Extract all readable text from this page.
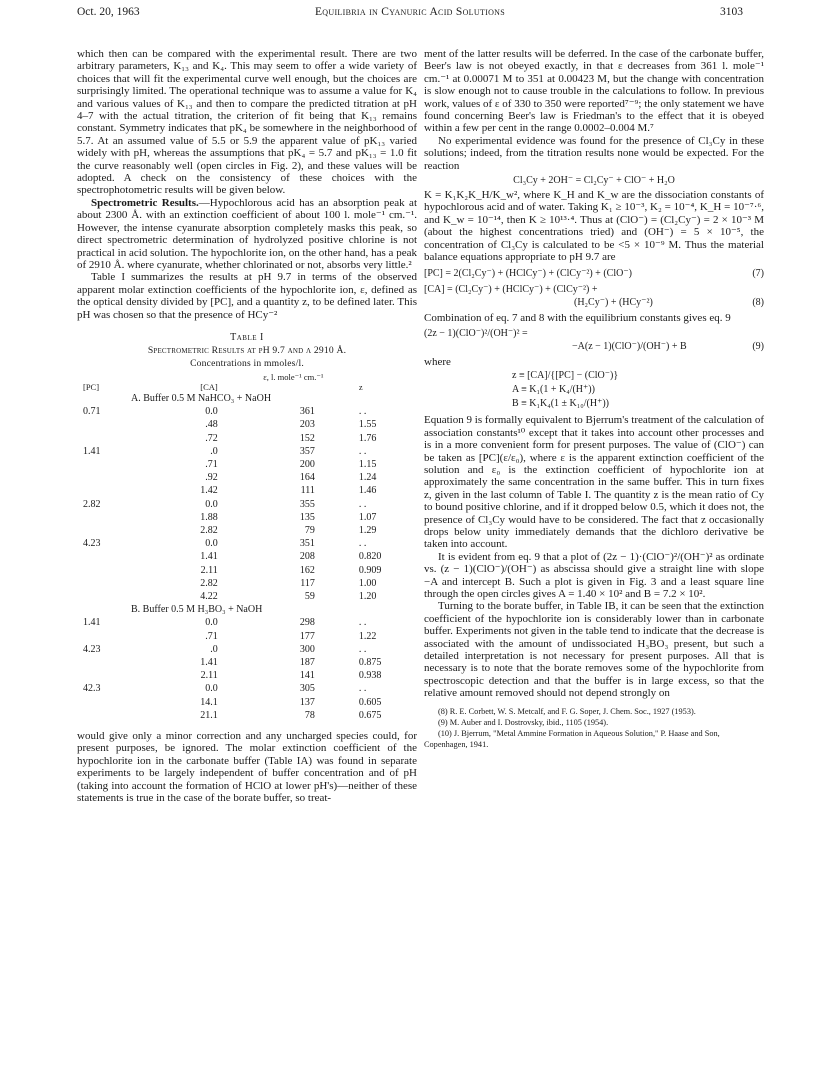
Oct. 20, 1963	Equilibria in Cyanuric Acid Solutions	3103

which then can be compared with the experimental result. There are two arbitrary parameters, K₁₃ and K₄. This may seem to offer a wide variety of choices that will fit the experimental curve well enough, but the choices are surprisingly limited. The operational technique was to assume a value for K₄ and various values of K₁₃ and then to compare the predicted titration at pH 4–7 with the actual titration, the criterion of fit being that K₁₃ remains constant. Symmetry indicates that pK₄ be somewhere in the neighborhood of 5.7. At an assumed value of 5.5 or 5.9 the apparent value of pK₁₃ varied widely with pH, whereas the assumptions that pK₄ = 5.7 and pK₁₃ = 1.0 fit the curve reasonably well (open circles in Fig. 2), and these values will be adopted. A check on the consistency of these choices with the spectrophotometric results will be given below.

Spectrometric Results.—Hypochlorous acid has an absorption peak at about 2300 Å. with an extinction coefficient of about 100 l. mole⁻¹ cm.⁻¹. However, the intense cyanurate absorption completely masks this peak, so direct spectrometric determination of hydrolyzed positive chlorine is not practical in acid solution. The hypochlorite ion, on the other hand, has a peak of 2910 Å. where cyanurate, whether chlorinated or not, absorbs very little.²

Table I summarizes the results at pH 9.7 in terms of the observed apparent molar extinction coefficients of the hypochlorite ion, ε, defined as the optical density divided by [PC], and a quantity z, to be defined later. This pH was chosen so that the presence of HCy⁻²

Table I
Spectrometric Results at pH 9.7 and λ 2910 Å.
Concentrations in mmoles/l.
		ε, l. mole⁻¹ cm.⁻¹	
[PC]	[CA]		z
A. Buffer 0.5 M NaHCO₃ + NaOH			
0.71	0.0	361	. .
	.48	203	1.55
	.72	152	1.76
1.41	.0	357	. .
	.71	200	1.15
	.92	164	1.24
	1.42	111	1.46
2.82	0.0	355	. .
	1.88	135	1.07
	2.82	79	1.29
4.23	0.0	351	. .
	1.41	208	0.820
	2.11	162	0.909
	2.82	117	1.00
	4.22	59	1.20
B. Buffer 0.5 M H₃BO₃ + NaOH			
1.41	0.0	298	. .
	.71	177	1.22
4.23	.0	300	. .
	1.41	187	0.875
	2.11	141	0.938
42.3	0.0	305	. .
	14.1	137	0.605
	21.1	78	0.675

would give only a minor correction and any uncharged species could, for present purposes, be ignored. The molar extinction coefficient of the hypochlorite ion in the carbonate buffer (Table IA) was found in separate experiments to be largely independent of buffer concentration and of pH (taking into account the formation of HClO at lower pH's)—neither of these statements is true in the case of the borate buffer, so treat-

ment of the latter results will be deferred. In the case of the carbonate buffer, Beer's law is not obeyed exactly, in that ε decreases from 361 l. mole⁻¹ cm.⁻¹ at 0.00071 M to 351 at 0.00423 M, but the change with concentration is slow enough not to cause trouble in the calculations to follow. In previous work, values of ε of 330 to 350 were reported⁷⁻⁹; the only statement we have found concerning Beer's law is Friedman's to the effect that it is obeyed within a few per cent in the range 0.0002–0.004 M.⁷

No experimental evidence was found for the presence of Cl₃Cy in these solutions; indeed, from the titration results none would be expected. For the reaction

Cl₃Cy + 2OH⁻ = Cl₂Cy⁻ + ClO⁻ + H₂O

K = K₁K₂K_H/K_w², where K_H and K_w are the dissociation constants of hypochlorous acid and of water. Taking K₁ ≥ 10⁻³, K₂ = 10⁻⁴, K_H = 10⁻⁷·⁶, and K_w = 10⁻¹⁴, then K ≥ 10¹³·⁴. Thus at (ClO⁻) = (Cl₂Cy⁻) = 2 × 10⁻³ M (about the highest concentrations tried) and (OH⁻) = 5 × 10⁻⁵, the concentration of Cl₃Cy is calculated to be <5 × 10⁻⁹ M. Thus the material balance equations appropriate to pH 9.7 are

[PC] = 2(Cl₂Cy⁻) + (HClCy⁻) + (ClCy⁻²) + (ClO⁻)	(7)
[CA] = (Cl₂Cy⁻) + (HClCy⁻) + (ClCy⁻²) +
(H₂Cy⁻) + (HCy⁻²)	(8)

Combination of eq. 7 and 8 with the equilibrium constants gives eq. 9

(2z − 1)(ClO⁻)²/(OH⁻)² =
−A(z − 1)(ClO⁻)/(OH⁻) + B	(9)

where

z ≡ [CA]/{[PC] − (ClO⁻)}
A ≡ K₁(1 + K₄/(H⁺))
B ≡ K₁K₄(1 ± K₁₀/(H⁺))

Equation 9 is formally equivalent to Bjerrum's treatment of the calculation of association constants¹⁰ except that it takes into account other processes and is in a more convenient form for present purposes. The value of (ClO⁻) can be taken as [PC](ε/ε₀), where ε is the apparent extinction coefficient of the solution and ε₀ is the extinction coefficient of hypochlorite ion at approximately the same concentration in the same buffer. This in turn fixes z, given in the last column of Table I. The quantity z is the mean ratio of Cy to bound positive chlorine, and if it dropped below 0.5, which it does not, the presence of Cl₃Cy would have to be considered. The fact that z occasionally drops below unity immediately demands that the dichloro derivative be taken into account.

It is evident from eq. 9 that a plot of (2z − 1)·(ClO⁻)²/(OH⁻)² as ordinate vs. (z − 1)(ClO⁻)/(OH⁻) as abscissa should give a straight line with slope −A and intercept B. Such a plot is given in Fig. 3 and a least square line through the open circles gives A = 1.40 × 10² and B = 7.2 × 10².

Turning to the borate buffer, in Table IB, it can be seen that the extinction coefficient of the hypochlorite ion is considerably lower than in carbonate buffer. Experiments not given in the table tend to indicate that the decrease is associated with the amount of undissociated H₃BO₃ present, but such a detailed interpretation is not necessary for present purposes. All that is necessary is to note that the borate removes some of the hypochlorite from spectroscopic detection and that the buffer is in large excess, so that the relative amount removed should not depend strongly on

(8) R. E. Corbett, W. S. Metcalf, and F. G. Soper, J. Chem. Soc., 1927 (1953).

(9) M. Auber and I. Dostrovsky, ibid., 1105 (1954).

(10) J. Bjerrum, "Metal Ammine Formation in Aqueous Solution," P. Haase and Son, Copenhagen, 1941.
